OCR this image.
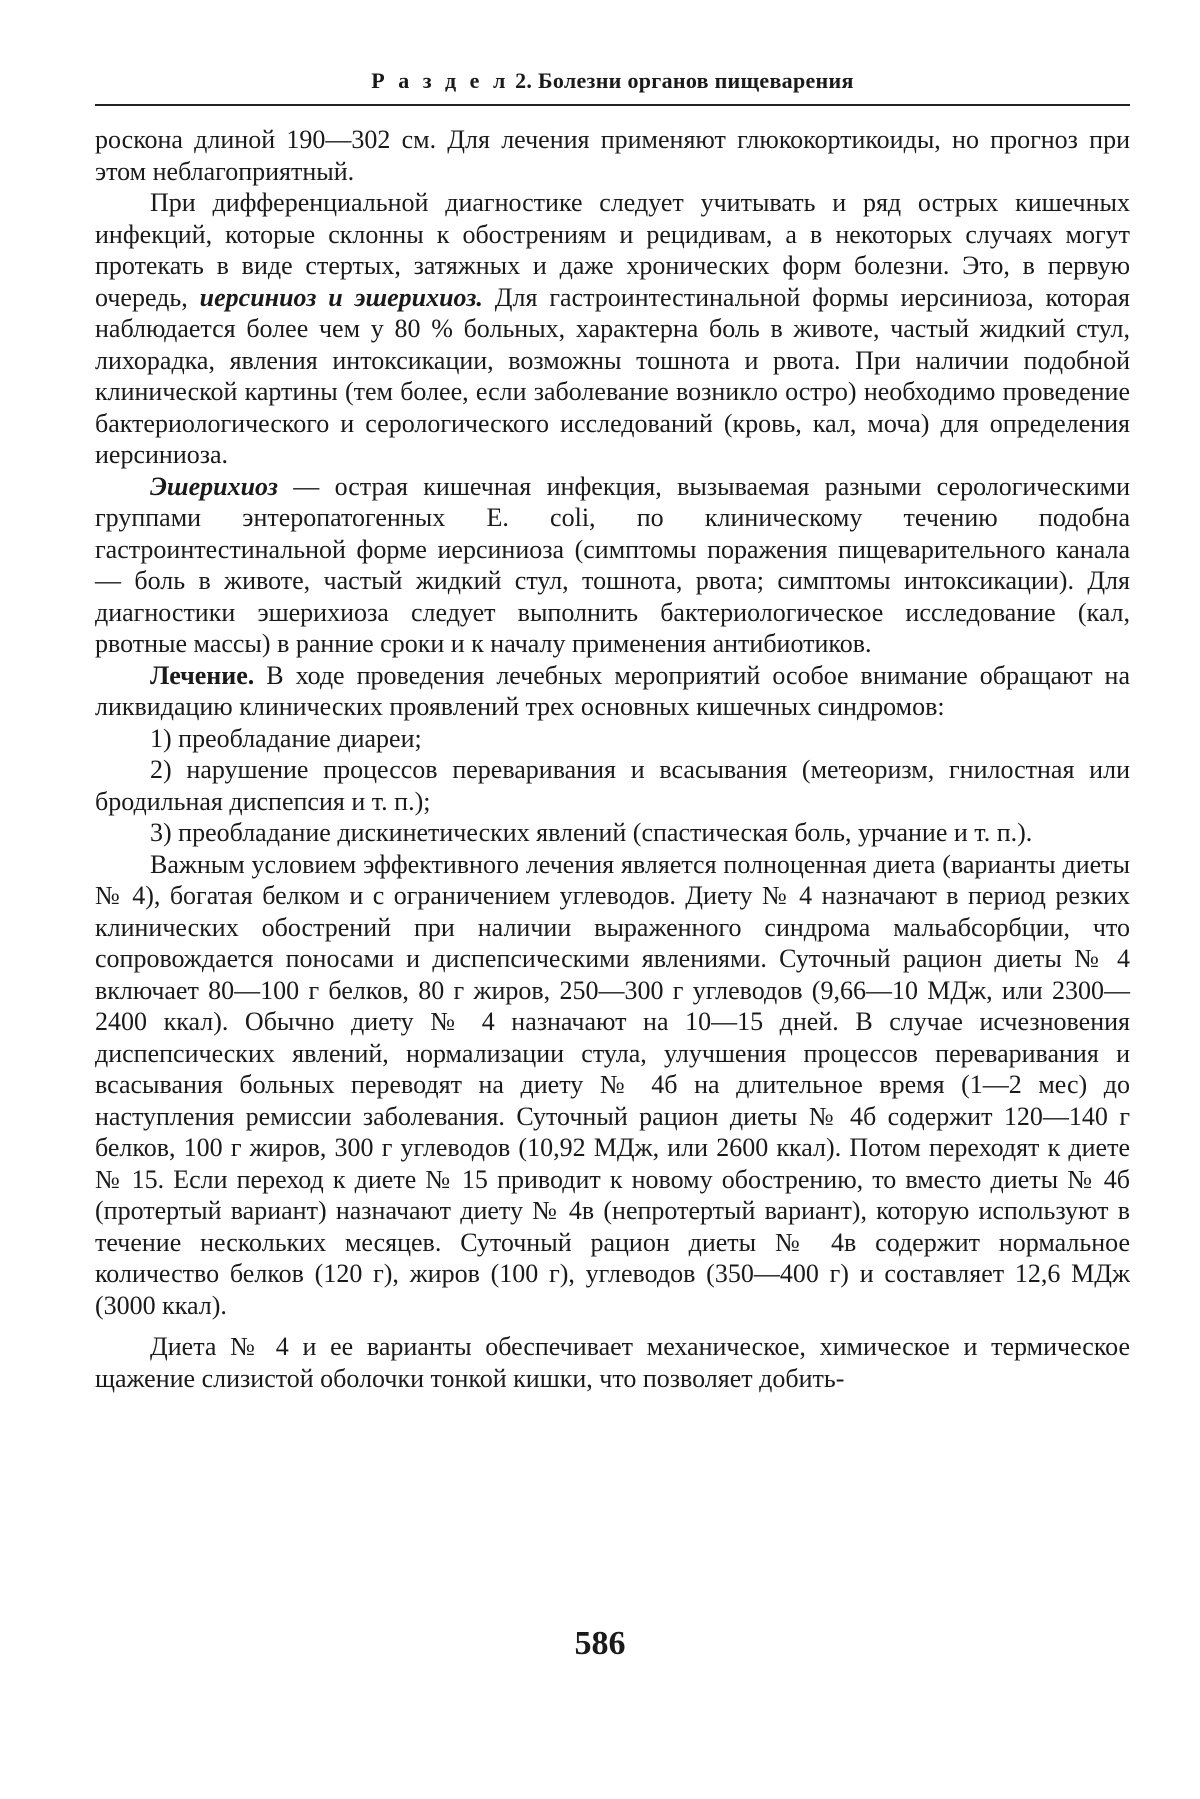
Р а з д е л 2. Болезни органов пищеварения

роскона длиной 190—302 см. Для лечения применяют глюкокортикоиды, но прогноз при этом неблагоприятный.

При дифференциальной диагностике следует учитывать и ряд острых кишечных инфекций, которые склонны к обострениям и рецидивам, а в некоторых случаях могут протекать в виде стертых, затяжных и даже хронических форм болезни. Это, в первую очередь, иерсиниоз и эшерихиоз. Для гастроинтестинальной формы иерсиниоза, которая наблюдается более чем у 80 % больных, характерна боль в животе, частый жидкий стул, лихорадка, явления интоксикации, возможны тошнота и рвота. При наличии подобной клинической картины (тем более, если заболевание возникло остро) необходимо проведение бактериологического и серологического исследований (кровь, кал, моча) для определения иерсиниоза.

Эшерихиоз — острая кишечная инфекция, вызываемая разными серологическими группами энтеропатогенных E. coli, по клиническому течению подобна гастроинтестинальной форме иерсиниоза (симптомы поражения пищеварительного канала — боль в животе, частый жидкий стул, тошнота, рвота; симптомы интоксикации). Для диагностики эшерихиоза следует выполнить бактериологическое исследование (кал, рвотные массы) в ранние сроки и к началу применения антибиотиков.

Лечение. В ходе проведения лечебных мероприятий особое внимание обращают на ликвидацию клинических проявлений трех основных кишечных синдромов:

1) преобладание диареи;

2) нарушение процессов переваривания и всасывания (метеоризм, гнилостная или бродильная диспепсия и т. п.);

3) преобладание дискинетических явлений (спастическая боль, урчание и т. п.).

Важным условием эффективного лечения является полноценная диета (варианты диеты № 4), богатая белком и с ограничением углеводов. Диету № 4 назначают в период резких клинических обострений при наличии выраженного синдрома мальабсорбции, что сопровождается поносами и диспепсическими явлениями. Суточный рацион диеты № 4 включает 80—100 г белков, 80 г жиров, 250—300 г углеводов (9,66—10 МДж, или 2300—2400 ккал). Обычно диету № 4 назначают на 10—15 дней. В случае исчезновения диспепсических явлений, нормализации стула, улучшения процессов переваривания и всасывания больных переводят на диету № 4б на длительное время (1—2 мес) до наступления ремиссии заболевания. Суточный рацион диеты № 4б содержит 120—140 г белков, 100 г жиров, 300 г углеводов (10,92 МДж, или 2600 ккал). Потом переходят к диете № 15. Если переход к диете № 15 приводит к новому обострению, то вместо диеты № 4б (протертый вариант) назначают диету № 4в (непротертый вариант), которую используют в течение нескольких месяцев. Суточный рацион диеты № 4в содержит нормальное количество белков (120 г), жиров (100 г), углеводов (350—400 г) и составляет 12,6 МДж (3000 ккал).

Диета № 4 и ее варианты обеспечивает механическое, химическое и термическое щажение слизистой оболочки тонкой кишки, что позволяет добить-

586
